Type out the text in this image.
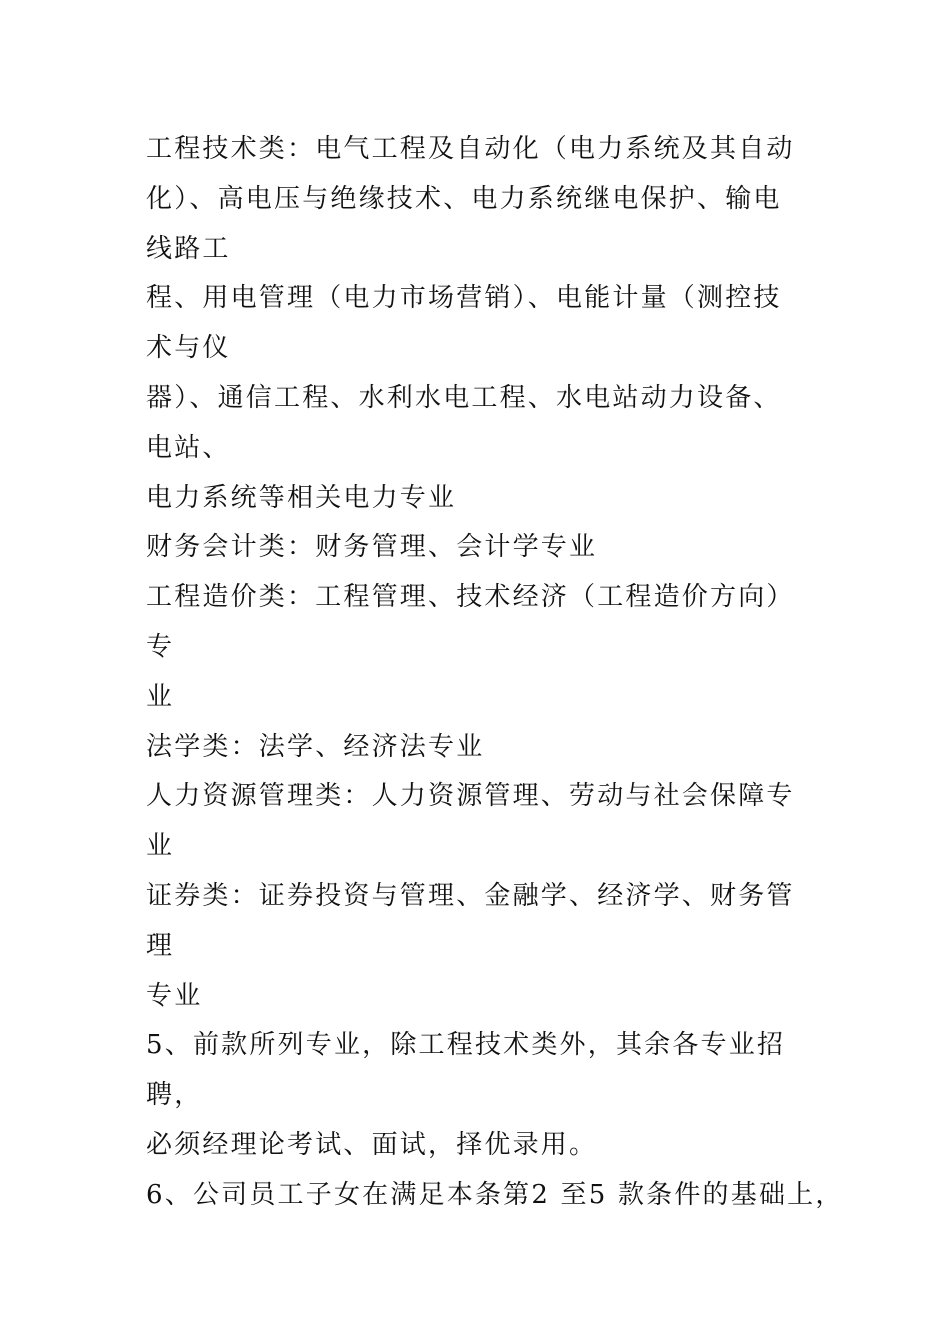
工程技术类：电气工程及自动化（电力系统及其自动
化）、高电压与绝缘技术、电力系统继电保护、输电
线路工
程、用电管理（电力市场营销）、电能计量（测控技
术与仪
器）、通信工程、水利水电工程、水电站动力设备、
电站、
电力系统等相关电力专业
财务会计类：财务管理、会计学专业
工程造价类：工程管理、技术经济（工程造价方向）
专
业
法学类：法学、经济法专业
人力资源管理类：人力资源管理、劳动与社会保障专
业
证券类：证券投资与管理、金融学、经济学、财务管
理
专业
5、前款所列专业，除工程技术类外，其余各专业招
聘，
必须经理论考试、面试，择优录用。
6、公司员工子女在满足本条第2 至5 款条件的基础上，
